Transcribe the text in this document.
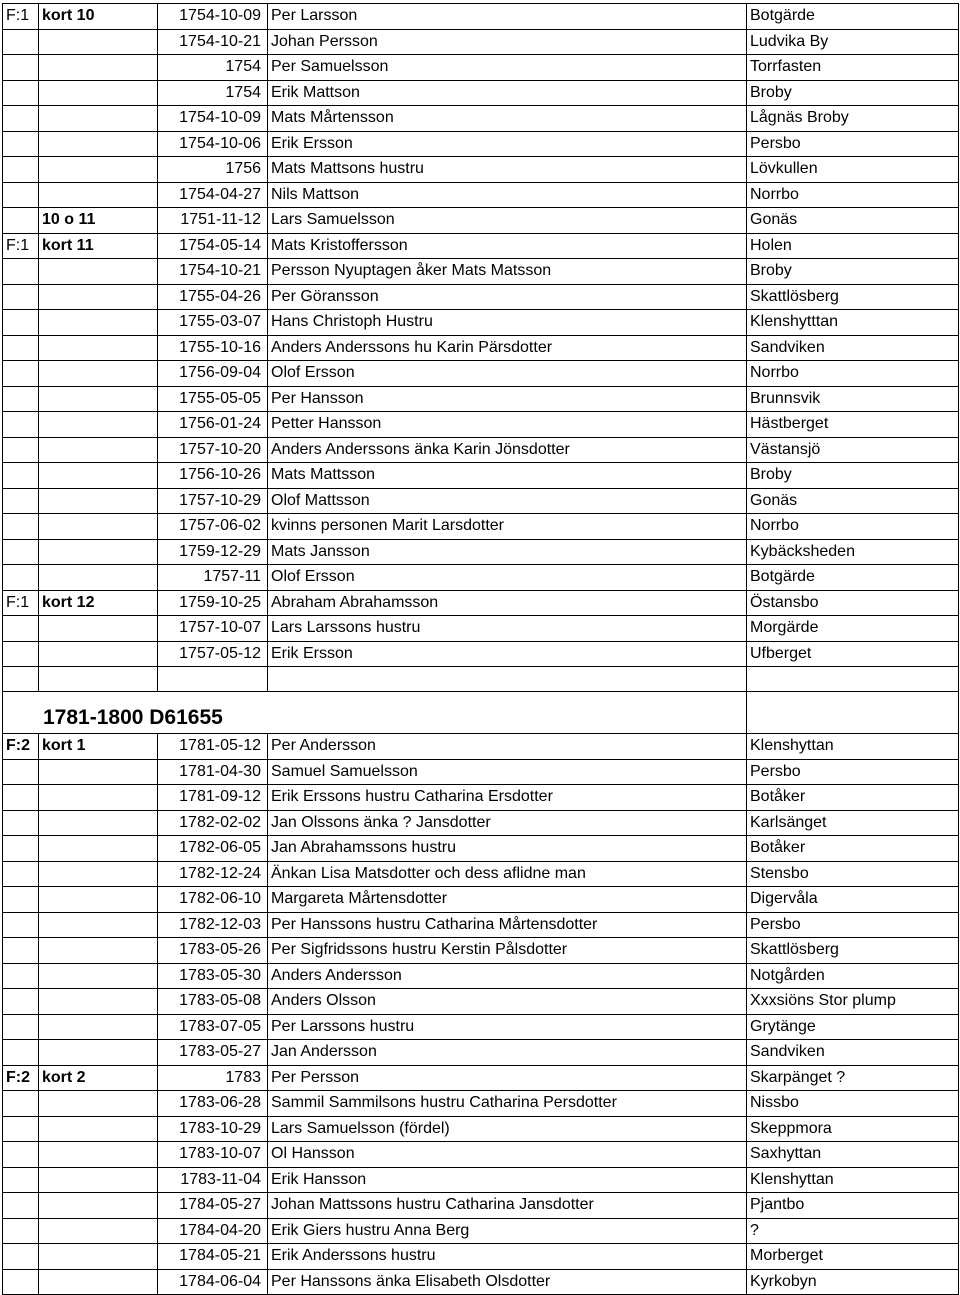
F:1	kort 10	1754-10-09	Per Larsson	Botgärde
		1754-10-21	Johan Persson	Ludvika By
		1754	Per Samuelsson	Torrfasten
		1754	Erik Mattson	Broby
		1754-10-09	Mats Mårtensson	Lågnäs Broby
		1754-10-06	Erik Ersson	Persbo
		1756	Mats Mattsons hustru	Lövkullen
		1754-04-27	Nils Mattson	Norrbo
	10 o 11	1751-11-12	Lars Samuelsson	Gonäs
F:1	kort 11	1754-05-14	Mats Kristoffersson	Holen
		1754-10-21	Persson Nyuptagen åker Mats Matsson	Broby
		1755-04-26	Per Göransson	Skattlösberg
		1755-03-07	Hans Christoph Hustru	Klenshytttan
		1755-10-16	Anders Anderssons hu Karin Pärsdotter	Sandviken
		1756-09-04	Olof Ersson	Norrbo
		1755-05-05	Per Hansson	Brunnsvik
		1756-01-24	Petter Hansson	Hästberget
		1757-10-20	Anders Anderssons änka Karin Jönsdotter	Västansjö
		1756-10-26	Mats Mattsson	Broby
		1757-10-29	Olof Mattsson	Gonäs
		1757-06-02	kvinns personen Marit Larsdotter	Norrbo
		1759-12-29	Mats Jansson	Kybäcksheden
		1757-11	Olof Ersson	Botgärde
F:1	kort 12	1759-10-25	Abraham Abrahamsson	Östansbo
		1757-10-07	Lars Larssons hustru	Morgärde
		1757-05-12	Erik Ersson	Ufberget

1781-1800 D61655				
F:2	kort 1	1781-05-12	Per Andersson	Klenshyttan
		1781-04-30	Samuel Samuelsson	Persbo
		1781-09-12	Erik Erssons hustru Catharina Ersdotter	Botåker
		1782-02-02	Jan Olssons änka ? Jansdotter	Karlsänget
		1782-06-05	Jan Abrahamssons hustru	Botåker
		1782-12-24	Änkan Lisa Matsdotter och dess aflidne man	Stensbo
		1782-06-10	Margareta Mårtensdotter	Digervåla
		1782-12-03	Per Hanssons hustru Catharina Mårtensdotter	Persbo
		1783-05-26	Per Sigfridssons hustru Kerstin Pålsdotter	Skattlösberg
		1783-05-30	Anders Andersson	Notgården
		1783-05-08	Anders Olsson	Xxxsiöns Stor plump
		1783-07-05	Per Larssons hustru	Grytänge
		1783-05-27	Jan Andersson	Sandviken
F:2	kort 2	1783	Per Persson	Skarpänget ?
		1783-06-28	Sammil Sammilsons hustru Catharina Persdotter	Nissbo
		1783-10-29	Lars Samuelsson (fördel)	Skeppmora
		1783-10-07	Ol Hansson	Saxhyttan
		1783-11-04	Erik Hansson	Klenshyttan
		1784-05-27	Johan Mattssons hustru Catharina Jansdotter	Pjantbo
		1784-04-20	Erik Giers hustru Anna Berg	?
		1784-05-21	Erik Anderssons hustru	Morberget
		1784-06-04	Per Hanssons änka Elisabeth Olsdotter	Kyrkobyn
